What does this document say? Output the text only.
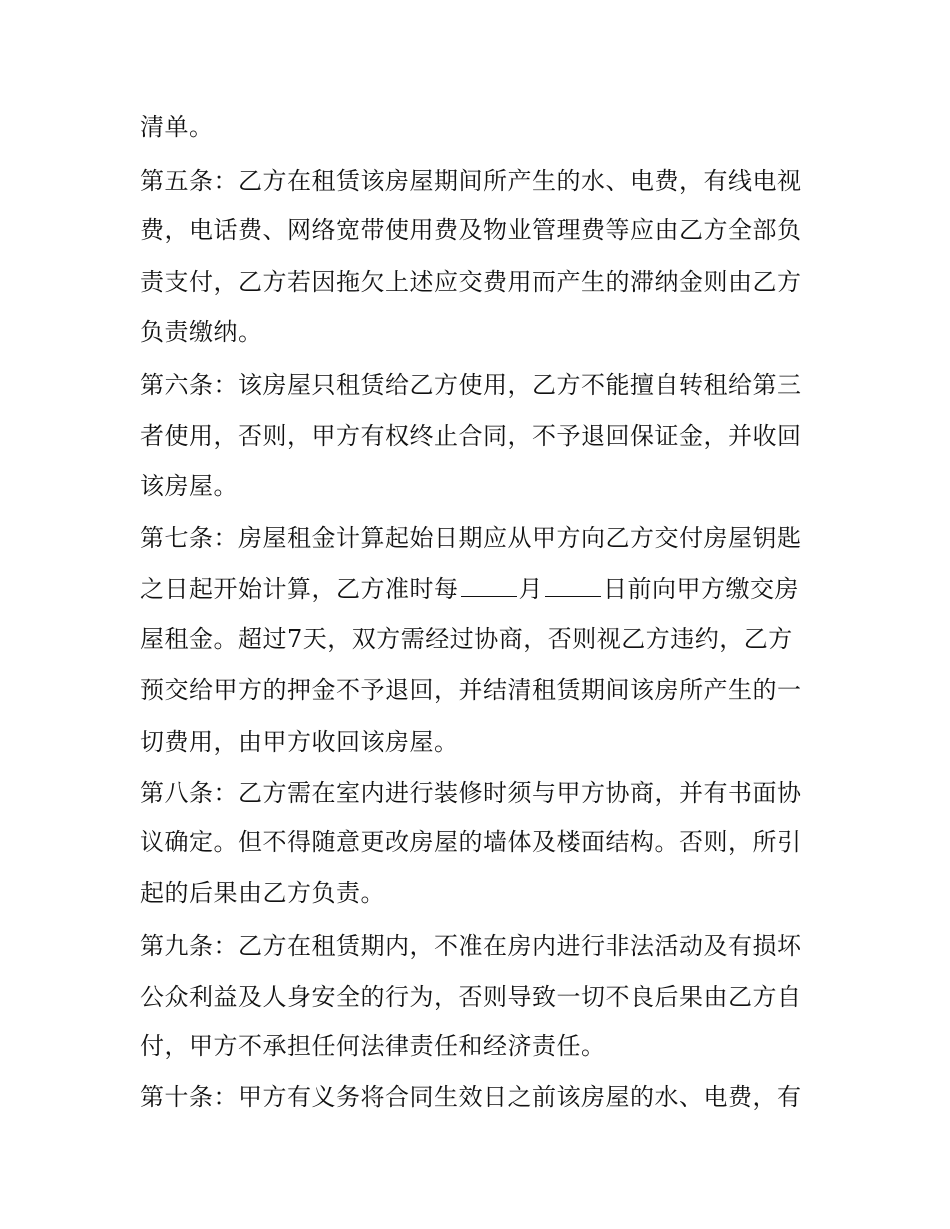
清单。
第五条：乙方在租赁该房屋期间所产生的水、电费，有线电视
费，电话费、网络宽带使用费及物业管理费等应由乙方全部负
责支付，乙方若因拖欠上述应交费用而产生的滞纳金则由乙方
负责缴纳。
第六条：该房屋只租赁给乙方使用，乙方不能擅自转租给第三
者使用，否则，甲方有权终止合同，不予退回保证金，并收回
该房屋。
第七条：房屋租金计算起始日期应从甲方向乙方交付房屋钥匙
之日起开始计算，乙方准时每	月	日前向甲方缴交房
屋租金。超过7天，双方需经过协商，否则视乙方违约，乙方
预交给甲方的押金不予退回，并结清租赁期间该房所产生的一
切费用，由甲方收回该房屋。
第八条：乙方需在室内进行装修时须与甲方协商，并有书面协
议确定。但不得随意更改房屋的墙体及楼面结构。否则，所引
起的后果由乙方负责。
第九条：乙方在租赁期内，不准在房内进行非法活动及有损坏
公众利益及人身安全的行为，否则导致一切不良后果由乙方自
付，甲方不承担任何法律责任和经济责任。
第十条：甲方有义务将合同生效日之前该房屋的水、电费，有
